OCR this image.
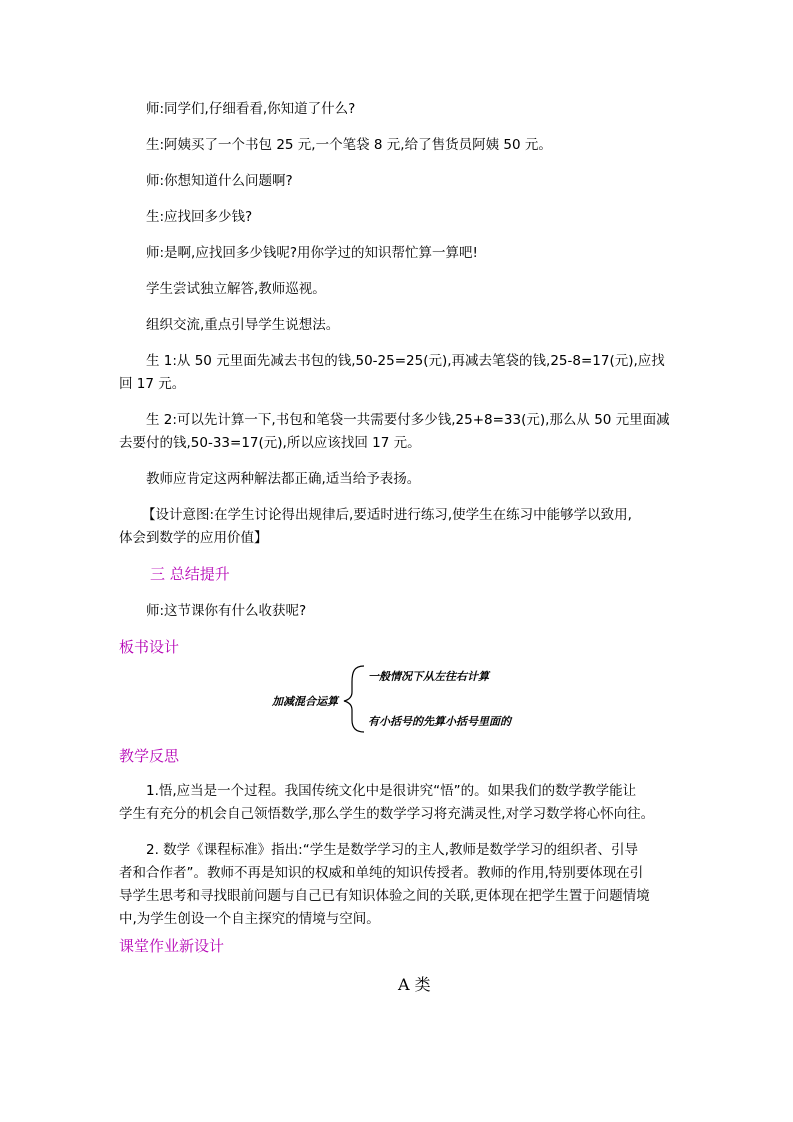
师:同学们,仔细看看,你知道了什么?
生:阿姨买了一个书包 25 元,一个笔袋 8 元,给了售货员阿姨 50 元。
师:你想知道什么问题啊?
生:应找回多少钱?
师:是啊,应找回多少钱呢?用你学过的知识帮忙算一算吧!
学生尝试独立解答,教师巡视。
组织交流,重点引导学生说想法。
生 1:从 50 元里面先减去书包的钱,50-25=25(元),再减去笔袋的钱,25-8=17(元),应找
回 17 元。
生 2:可以先计算一下,书包和笔袋一共需要付多少钱,25+8=33(元),那么从 50 元里面减
去要付的钱,50-33=17(元),所以应该找回 17 元。
教师应肯定这两种解法都正确,适当给予表扬。
【设计意图:在学生讨论得出规律后,要适时进行练习,使学生在练习中能够学以致用,
体会到数学的应用价值】
三 总结提升
师:这节课你有什么收获呢?
板书设计
加减混合运算
一般情况下从左往右计算
有小括号的先算小括号里面的
教学反思
1.悟,应当是一个过程。我国传统文化中是很讲究“悟”的。如果我们的数学教学能让
学生有充分的机会自己领悟数学,那么学生的数学学习将充满灵性,对学习数学将心怀向往。
2. 数学《课程标准》指出:“学生是数学学习的主人,教师是数学学习的组织者、引导
者和合作者”。教师不再是知识的权威和单纯的知识传授者。教师的作用,特别要体现在引
导学生思考和寻找眼前问题与自己已有知识体验之间的关联,更体现在把学生置于问题情境
中,为学生创设一个自主探究的情境与空间。
课堂作业新设计
A 类
